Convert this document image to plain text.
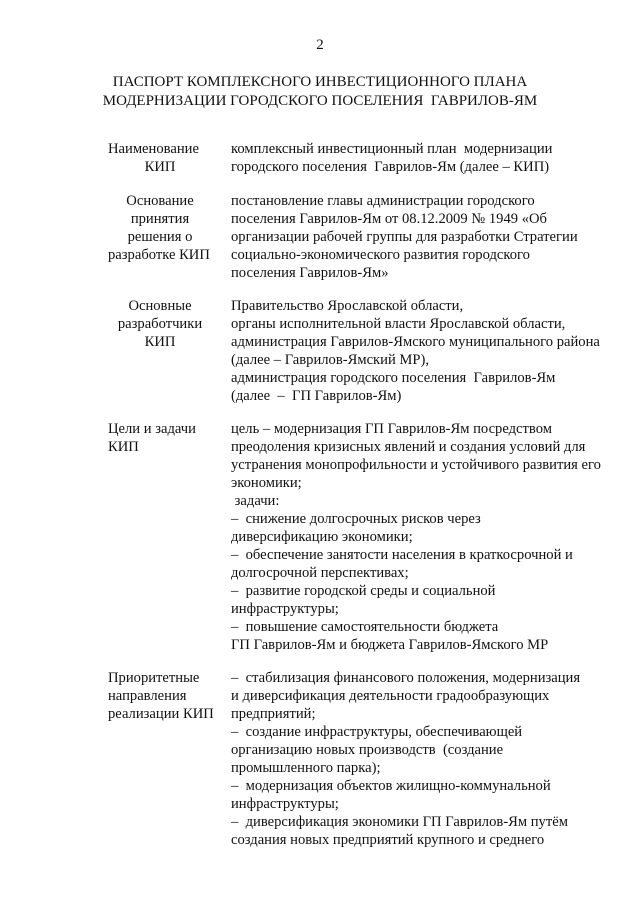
2
ПАСПОРТ КОМПЛЕКСНОГО ИНВЕСТИЦИОННОГО ПЛАНА
МОДЕРНИЗАЦИИ ГОРОДСКОГО ПОСЕЛЕНИЯ  ГАВРИЛОВ-ЯМ
Наименование
КИП
комплексный инвестиционный план  модернизации
городского поселения  Гаврилов-Ям (далее – КИП)
Основание
принятия
решения о
разработке КИП
постановление главы администрации городского
поселения Гаврилов-Ям от 08.12.2009 № 1949 «Об
организации рабочей группы для разработки Стратегии
социально-экономического развития городского
поселения Гаврилов-Ям»
Основные
разработчики
КИП
Правительство Ярославской области,
органы исполнительной власти Ярославской области,
администрация Гаврилов-Ямского муниципального района
(далее – Гаврилов-Ямский МР),
администрация городского поселения  Гаврилов-Ям
(далее  –  ГП Гаврилов-Ям)
Цели и задачи
КИП
цель – модернизация ГП Гаврилов-Ям посредством
преодоления кризисных явлений и создания условий для
устранения монопрофильности и устойчивого развития его
экономики;
задачи:
–  снижение долгосрочных рисков через
диверсификацию экономики;
–  обеспечение занятости населения в краткосрочной и
долгосрочной перспективах;
–  развитие городской среды и социальной
инфраструктуры;
–  повышение самостоятельности бюджета
ГП Гаврилов-Ям и бюджета Гаврилов-Ямского МР
Приоритетные
направления
реализации КИП
–  стабилизация финансового положения, модернизация
и диверсификация деятельности градообразующих
предприятий;
–  создание инфраструктуры, обеспечивающей
организацию новых производств  (создание
промышленного парка);
–  модернизация объектов жилищно-коммунальной
инфраструктуры;
–  диверсификация экономики ГП Гаврилов-Ям путём
создания новых предприятий крупного и среднего
